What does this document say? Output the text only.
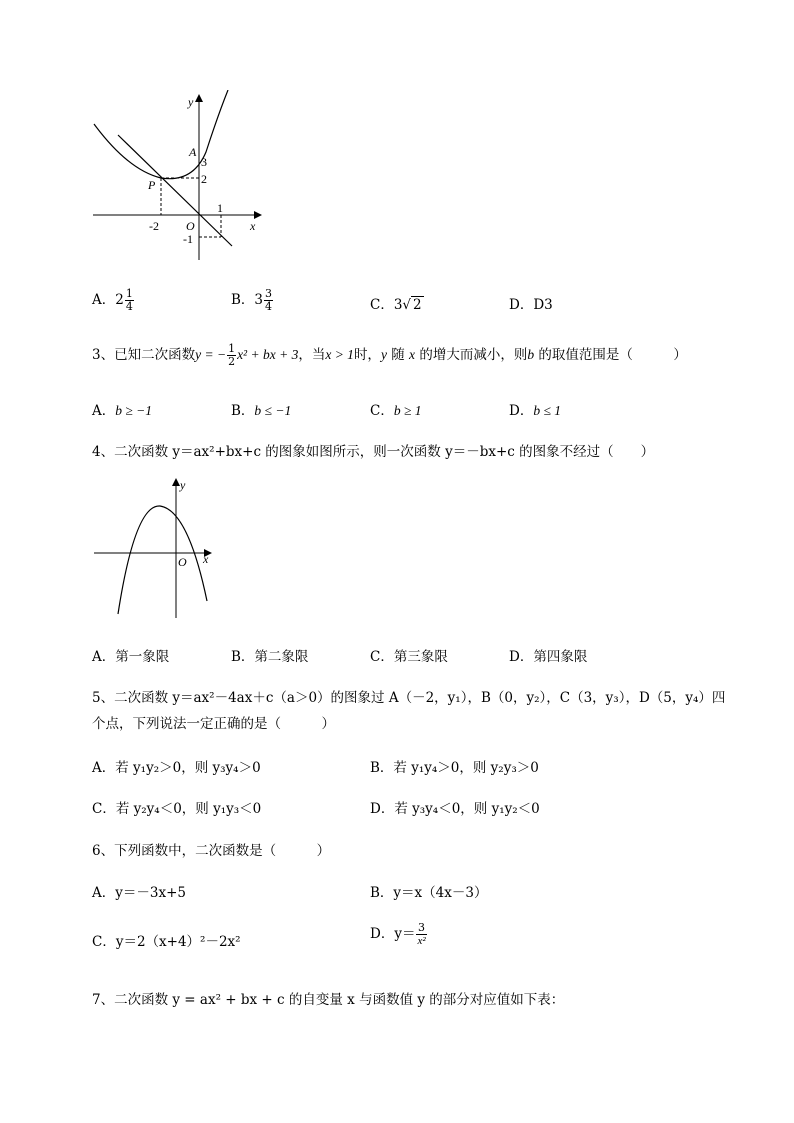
y
x
O
A
P
3
2
1
-2
-1
A．$2 \frac{1}{4}$	B．$3 \frac{3}{4}$	C．3√ 2	D．D3
3、已知二次函数y = − $\frac{1}{2} x^2$ + bx + 3，当x > 1时，y 随 x 的增大而减小，则b 的取值范围是（　　　）
A．b ≥ −1	B．b ≤ −1	C．b ≥ 1	D．b ≤ 1
4、二次函数 y＝ax²+bx+c 的图象如图所示，则一次函数 y＝－bx+c 的图象不经过（　　）
y
x
O
A．第一象限	B．第二象限	C．第三象限	D．第四象限
5、二次函数 y＝ax²－4ax＋c（a＞0）的图象过 A（－2，y₁），B（0，y₂），C（3，y₃），D（5，y₄）四
个点，下列说法一定正确的是（　　　）
A．若 y₁y₂＞0，则 y₃y₄＞0	B．若 y₁y₄＞0，则 y₂y₃＞0
C．若 y₂y₄＜0，则 y₁y₃＜0	D．若 y₃y₄＜0，则 y₁y₂＜0
6、下列函数中，二次函数是（　　　）
A．y＝－3x+5	B．y＝x（4x－3）
C．y＝2（x+4）²－2x²	D．$y= \frac{3}{\text{x²}}$
7、二次函数 y = ax² + bx + c 的自变量 x 与函数值 y 的部分对应值如下表：
